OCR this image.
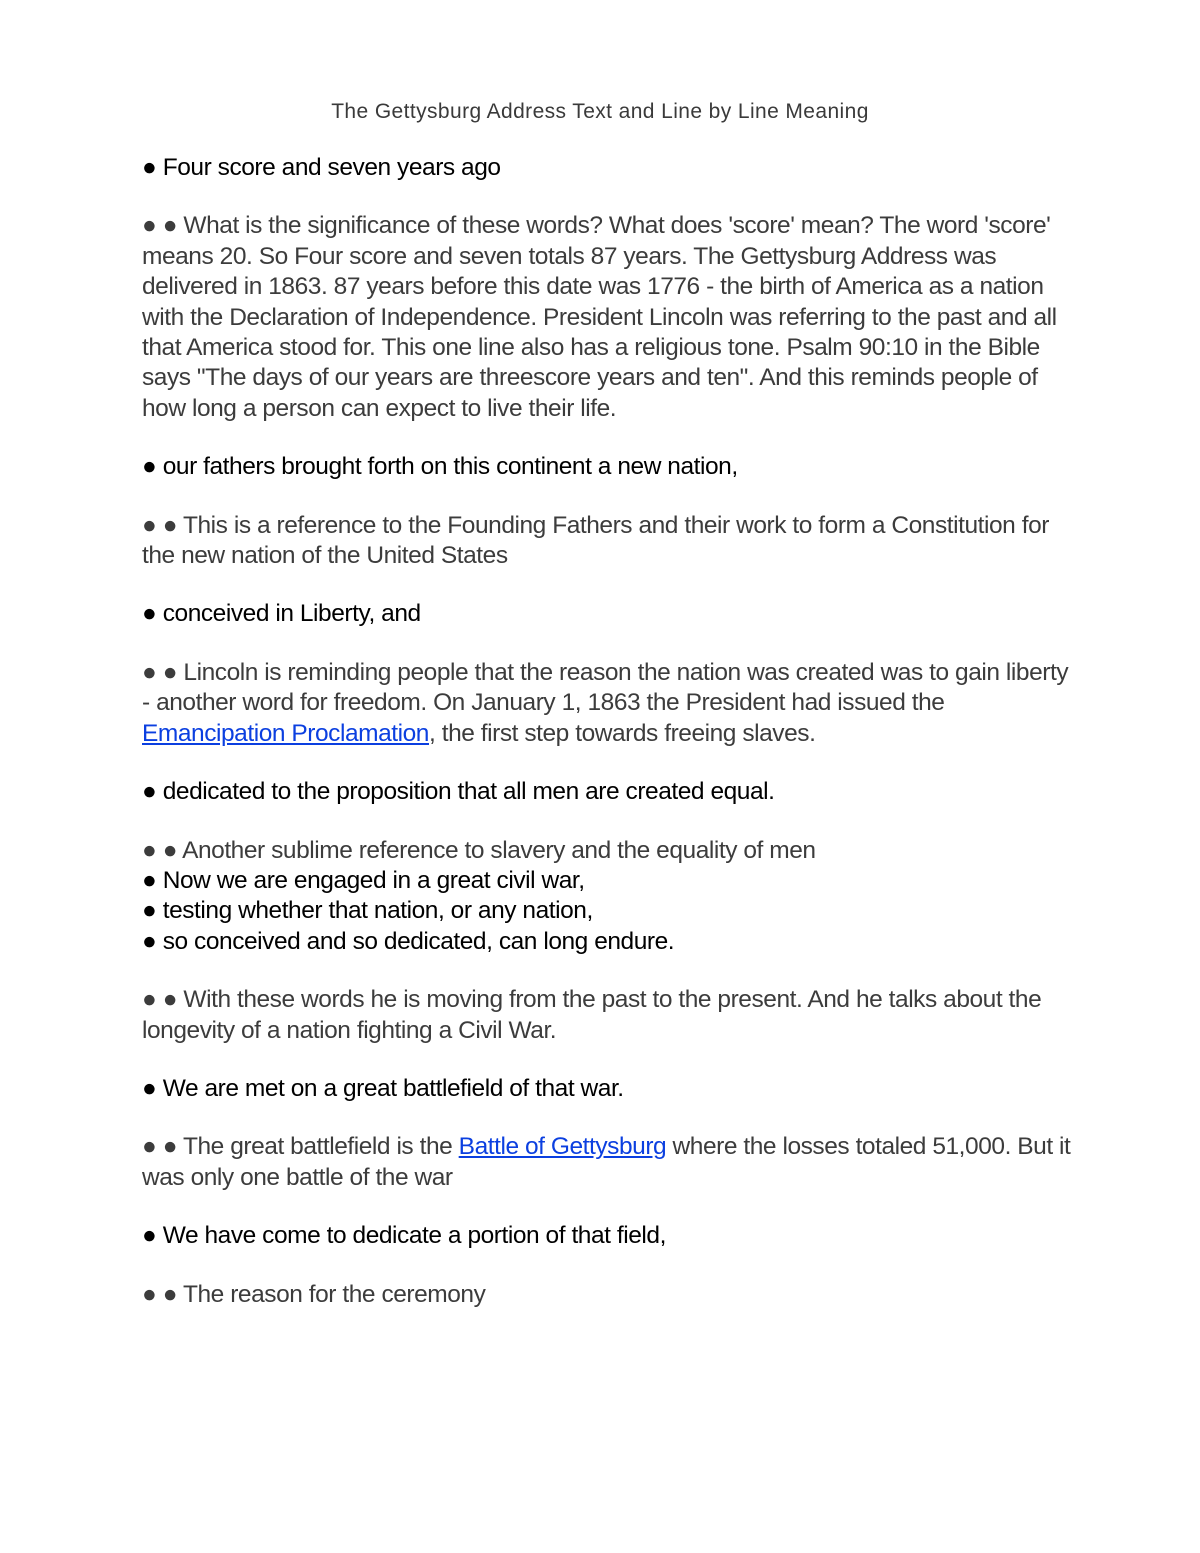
The Gettysburg Address Text and Line by Line Meaning

● Four score and seven years ago

● ● What is the significance of these words? What does 'score' mean? The word 'score' means 20. So Four score and seven totals 87 years. The Gettysburg Address was delivered in 1863. 87 years before this date was 1776 - the birth of America as a nation with the Declaration of Independence. President Lincoln was referring to the past and all that America stood for. This one line also has a religious tone. Psalm 90:10 in the Bible says "The days of our years are threescore years and ten". And this reminds people of how long a person can expect to live their life.

● our fathers brought forth on this continent a new nation,

● ● This is a reference to the Founding Fathers and their work to form a Constitution for the new nation of the United States

● conceived in Liberty, and

● ● Lincoln is reminding people that the reason the nation was created was to gain liberty - another word for freedom. On January 1, 1863 the President had issued the Emancipation Proclamation, the first step towards freeing slaves.

● dedicated to the proposition that all men are created equal.

● ● Another sublime reference to slavery and the equality of men

● Now we are engaged in a great civil war,

● testing whether that nation, or any nation,

● so conceived and so dedicated, can long endure.

● ● With these words he is moving from the past to the present. And he talks about the longevity of a nation fighting a Civil War.

● We are met on a great battlefield of that war.

● ● The great battlefield is the Battle of Gettysburg where the losses totaled 51,000. But it was only one battle of the war

● We have come to dedicate a portion of that field,

● ● The reason for the ceremony
